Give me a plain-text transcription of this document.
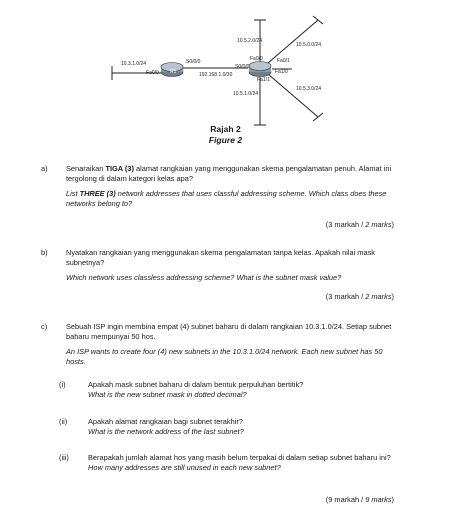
10.5.2.0/24
10.5.0.0/24
10.3.1.0/24	S0/0/0
Fa0/0 R1	192.168.1.0/30
Fa0/0
S0/0/0
Fa0/1
Fa1/0
Fa1/1
10.5.1.0/24
10.5.3.0/24
Rajah 2
Figure 2
a) Senaraikan TIGA (3) alamat rangkaian yang menggunakan skema pengalamatan penuh. Alamat ini tergolong di dalam kategori kelas apa?
List THREE (3) network addresses that uses classful addressing scheme. Which class does these networks belong to?
(3 markah / 2 marks)
b) Nyatakan rangkaian yang menggunakan skema pengalamatan tanpa kelas. Apakah nilai mask subnetnya?
Which network uses classless addressing scheme? What is the subnet mask value?
(3 markah / 2 marks)
c)	Sebuah ISP ingin membina empat (4) subnet baharu di dalam rangkaian 10.3.1.0/24. Setiap subnet baharu mempunyai 50 hos.
An ISP wants to create four (4) new subnets in the 10.3.1.0/24 network. Each new subnet has 50 hosts.
(i)	Apakah mask subnet baharu di dalam bentuk perpuluhan bertitik?
What is the new subnet mask in dotted decimal?
(ii)	Apakah alamat rangkaian bagi subnet terakhir?
What is the network address of the last subnet?
(iii)	Berapakah jumlah alamat hos yang masih belum terpakai di dalam setiap subnet baharu ini?
How many addresses are still unused in each new subnet?
(9 markah / 9 marks)
